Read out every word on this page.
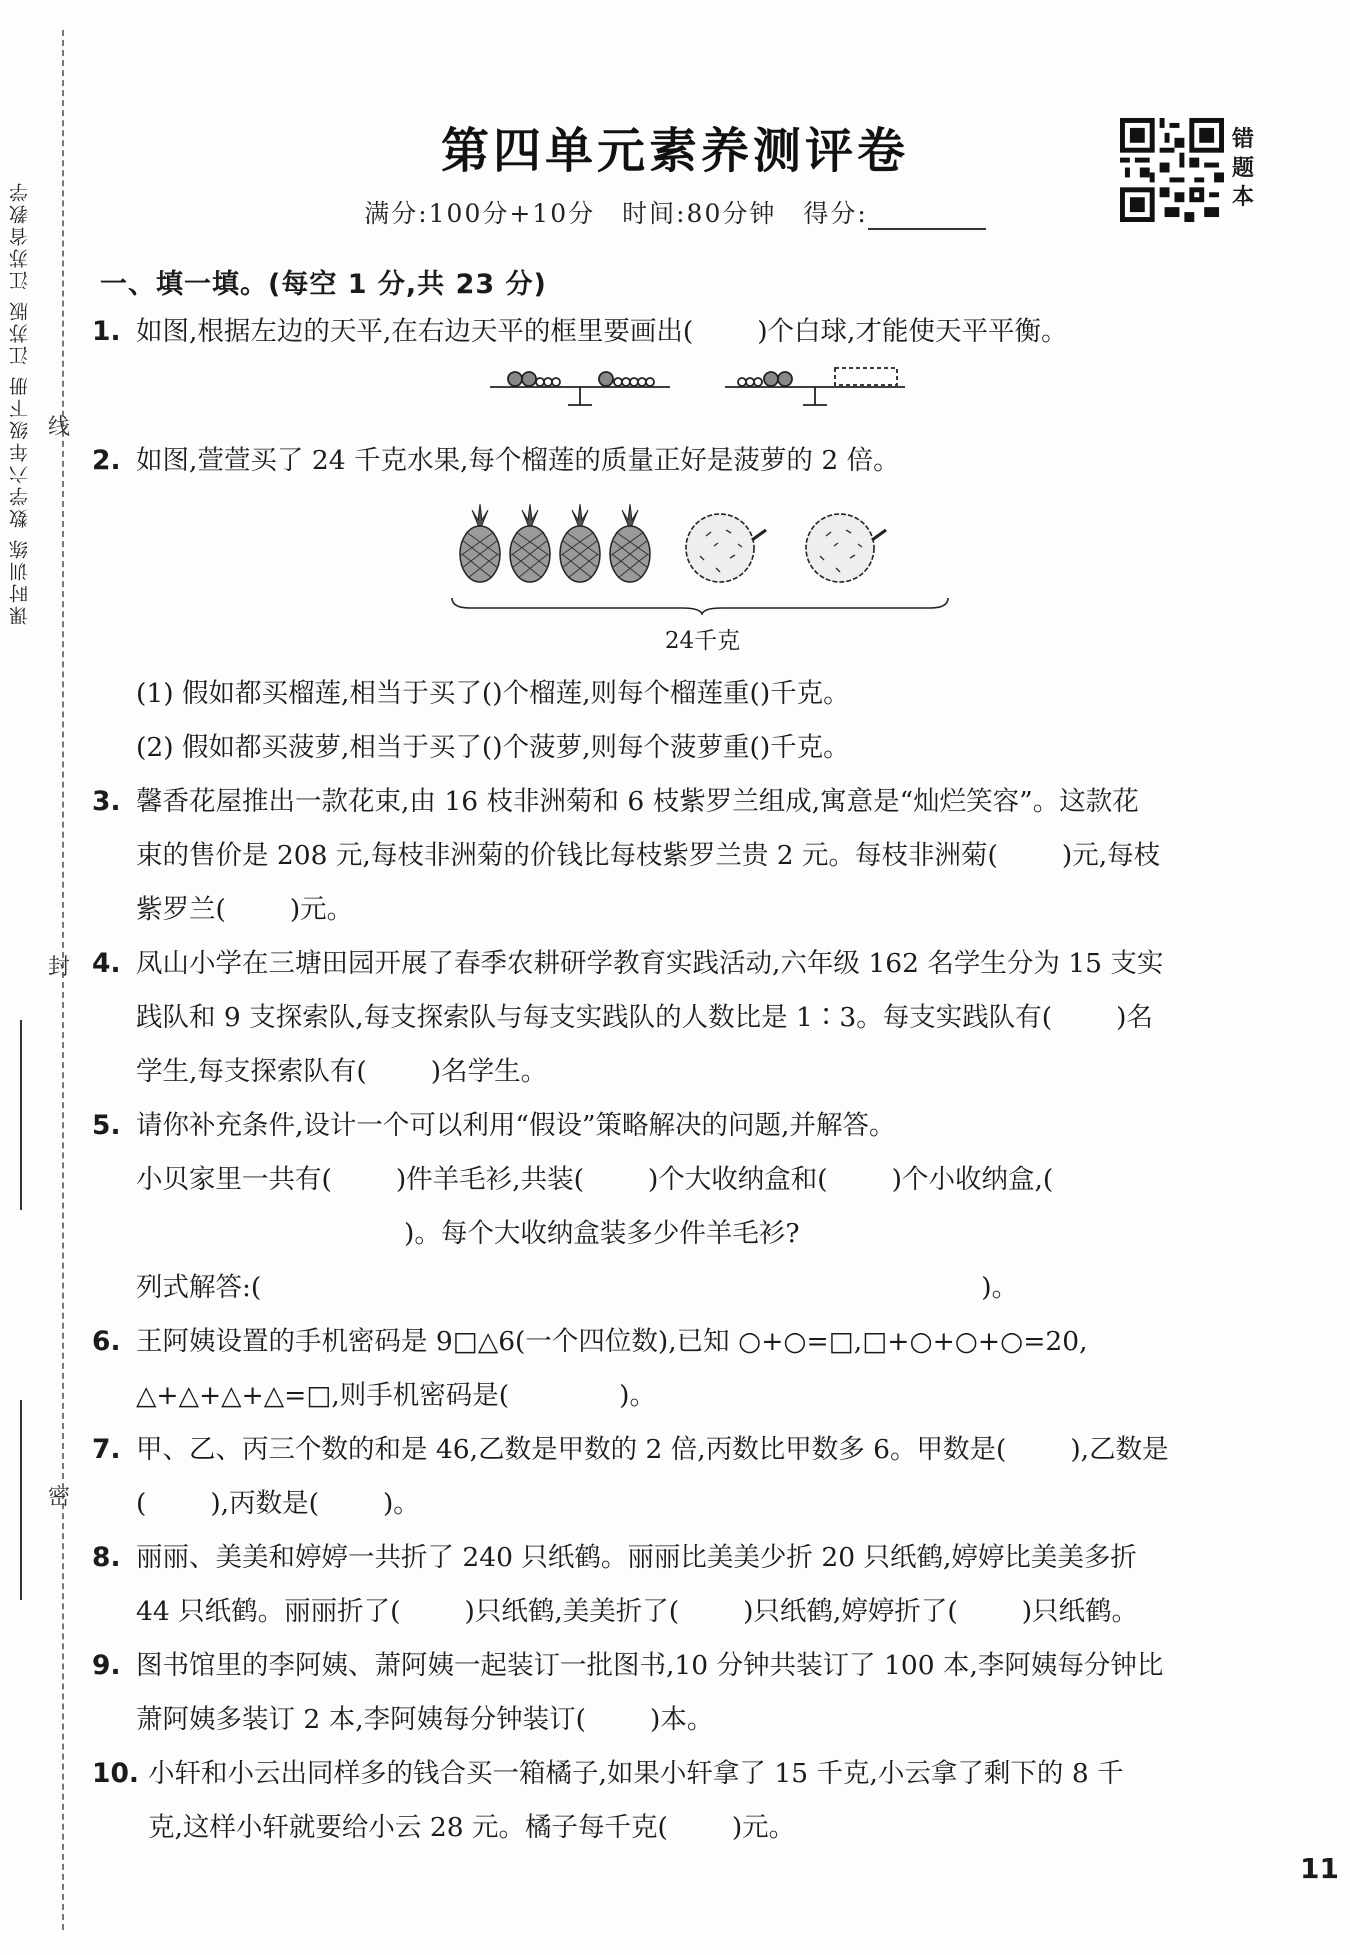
课时训练 数学六年级下册 江苏版 江苏省教学 线
封
密
第四单元素养测评卷
满分:100分+10分　时间:80分钟　得分:
错题本
一、填一填。(每空 1 分,共 23 分)
1. 如图,根据左边的天平,在右边天平的框里要画出( )个白球,才能使天平平衡。
2. 如图,萱萱买了 24 千克水果,每个榴莲的质量正好是菠萝的 2 倍。
24千克
(1) 假如都买榴莲,相当于买了()个榴莲,则每个榴莲重()千克。
(2) 假如都买菠萝,相当于买了()个菠萝,则每个菠萝重()千克。
3. 馨香花屋推出一款花束,由 16 枝非洲菊和 6 枝紫罗兰组成,寓意是“灿烂笑容”。这款花
束的售价是 208 元,每枝非洲菊的价钱比每枝紫罗兰贵 2 元。每枝非洲菊( )元,每枝
紫罗兰( )元。
4. 凤山小学在三塘田园开展了春季农耕研学教育实践活动,六年级 162 名学生分为 15 支实
践队和 9 支探索队,每支探索队与每支实践队的人数比是 1∶3。每支实践队有( )名
学生,每支探索队有( )名学生。
5. 请你补充条件,设计一个可以利用“假设”策略解决的问题,并解答。
小贝家里一共有( )件羊毛衫,共装( )个大收纳盒和( )个小收纳盒,(
)。每个大收纳盒装多少件羊毛衫?
列式解答:(	)。
6. 王阿姨设置的手机密码是 9□△6(一个四位数),已知 ○+○=□,□+○+○+○=20,
△+△+△+△=□,则手机密码是(	)。
7. 甲、乙、丙三个数的和是 46,乙数是甲数的 2 倍,丙数比甲数多 6。甲数是( ),乙数是
( ),丙数是( )。
8. 丽丽、美美和婷婷一共折了 240 只纸鹤。丽丽比美美少折 20 只纸鹤,婷婷比美美多折
44 只纸鹤。丽丽折了( )只纸鹤,美美折了( )只纸鹤,婷婷折了( )只纸鹤。
9. 图书馆里的李阿姨、萧阿姨一起装订一批图书,10 分钟共装订了 100 本,李阿姨每分钟比
萧阿姨多装订 2 本,李阿姨每分钟装订( )本。
10. 小轩和小云出同样多的钱合买一箱橘子,如果小轩拿了 15 千克,小云拿了剩下的 8 千
克,这样小轩就要给小云 28 元。橘子每千克( )元。
11
